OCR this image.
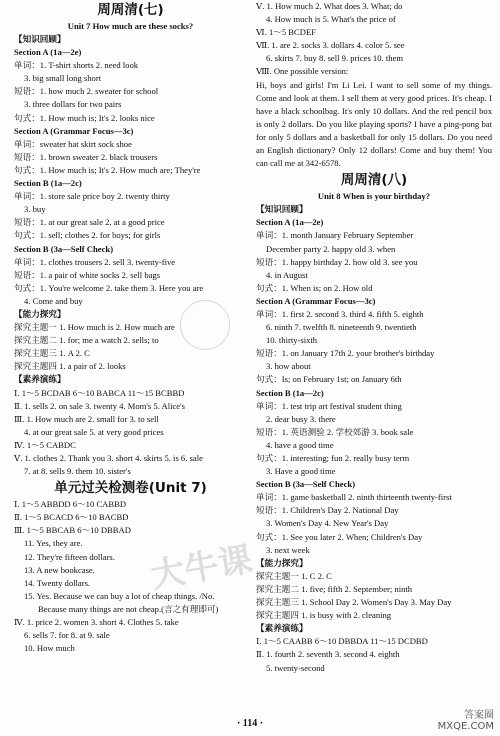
周周清(七)
Unit 7 How much are these socks?
【知识回顾】
Section A (1a—2e)
单词：1. T-shirt shorts 2. need look
3. big small long short
短语：1. how much 2. sweater for school
3. three dollars for two pairs
句式：1. How much is; It's 2. looks nice
Section A (Grammar Focus—3c)
单词：sweater hat skirt sock shoe
短语：1. brown sweater 2. black trousers
句式：1. How much is; It's 2. How much are; They're
Section B (1a—2c)
单词：1. store sale price boy 2. twenty thirty
3. buy
短语：1. at our great sale 2. at a good price
句式：1. sell; clothes 2. for boys; for girls
Section B (3a—Self Check)
单词：1. clothes trousers 2. sell 3. twenty-five
短语：1. a pair of white socks 2. sell bags
句式：1. You're welcome 2. take them 3. Here you are
4. Come and buy
【能力探究】
探究主题一 1. How much is 2. How much are
探究主题二 1. for; me a watch 2. sells; to
探究主题三 1. A 2. C
探究主题四 1. a pair of 2. looks
【素养演练】
Ⅰ. 1～5 BCDAB 6～10 BABCA 11～15 BCBBD
Ⅱ. 1. sells 2. on sale 3. twenty 4. Mom's 5. Alice's
Ⅲ. 1. How much are 2. small for 3. to sell
4. at our great sale 5. at very good prices
Ⅳ. 1～5 CABDC
Ⅴ. 1. clothes 2. Thank you 3. short 4. skirts 5. is 6. sale
7. at 8. sells 9. them 10. sister's
单元过关检测卷(Unit 7)
Ⅰ. 1～5 ABBDD 6～10 CABBD
Ⅱ. 1～5 BCACD 6～10 BACBD
Ⅲ. 1～5 BBCAB 6～10 DBBAD
11. Yes, they are.
12. They're fifteen dollars.
13. A new bookcase.
14. Twenty dollars.
15. Yes. Because we can buy a lot of cheap things. /No.
Because many things are not cheap.(言之有理即可)
Ⅳ. 1. price 2. women 3. short 4. Clothes 5. take
6. sells 7. for 8. at 9. sale
10. How much
Ⅴ. 1. How much 2. What does 3. What; do
4. How much is 5. What's the price of
Ⅵ. 1～5 BCDEF
Ⅶ. 1. are 2. socks 3. dollars 4. color 5. see
6. skirts 7. buy 8. sell 9. prices 10. them
Ⅷ. One possible version:
Hi, boys and girls! I'm Li Lei. I want to sell some of my things. Come and look at them. I sell them at very good prices. It's cheap. I have a black schoolbag. It's only 10 dollars. And the red pencil box is only 2 dollars. Do you like playing sports? I have a ping-pong bat for only 5 dollars and a basketball for only 15 dollars. Do you need an English dictionary? Only 12 dollars! Come and buy them! You can call me at 342-6578.
周周清(八)
Unit 8 When is your birthday?
【知识回顾】
Section A (1a—2e)
单词：1. month January February September
December party 2. happy old 3. when
短语：1. happy birthday 2. how old 3. see you
4. in August
句式：1. When is; on 2. How old
Section A (Grammar Focus—3c)
单词：1. first 2. second 3. third 4. fifth 5. eighth
6. ninth 7. twelfth 8. nineteenth 9. twentieth
10. thirty-sixth
短语：1. on January 17th 2. your brother's birthday
3. how about
句式：Is; on February 1st; on January 6th
Section B (1a—2c)
单词：1. test trip art festival student thing
2. dear busy 3. there
短语：1. 英语测验 2. 学校郊游 3. book sale
4. have a good time
句式：1. interesting; fun 2. really busy term
3. Have a good time
Section B (3a—Self Check)
单词：1. game basketball 2. ninth thirteenth twenty-first
短语：1. Children's Day 2. National Day
3. Women's Day 4. New Year's Day
句式：1. See you later 2. When; Children's Day
3. next week
【能力探究】
探究主题一 1. C 2. C
探究主题二 1. five; fifth 2. September; ninth
探究主题三 1. School Day 2. Women's Day 3. May Day
探究主题四 1. is busy with 2. cleaning
【素养演练】
Ⅰ. 1～5 CAABB 6～10 DBBDA 11～15 DCDBD
Ⅱ. 1. fourth 2. seventh 3. second 4. eighth
5. twenty-second
大牛课
· 114 ·
答案圈
MXQE.COM
